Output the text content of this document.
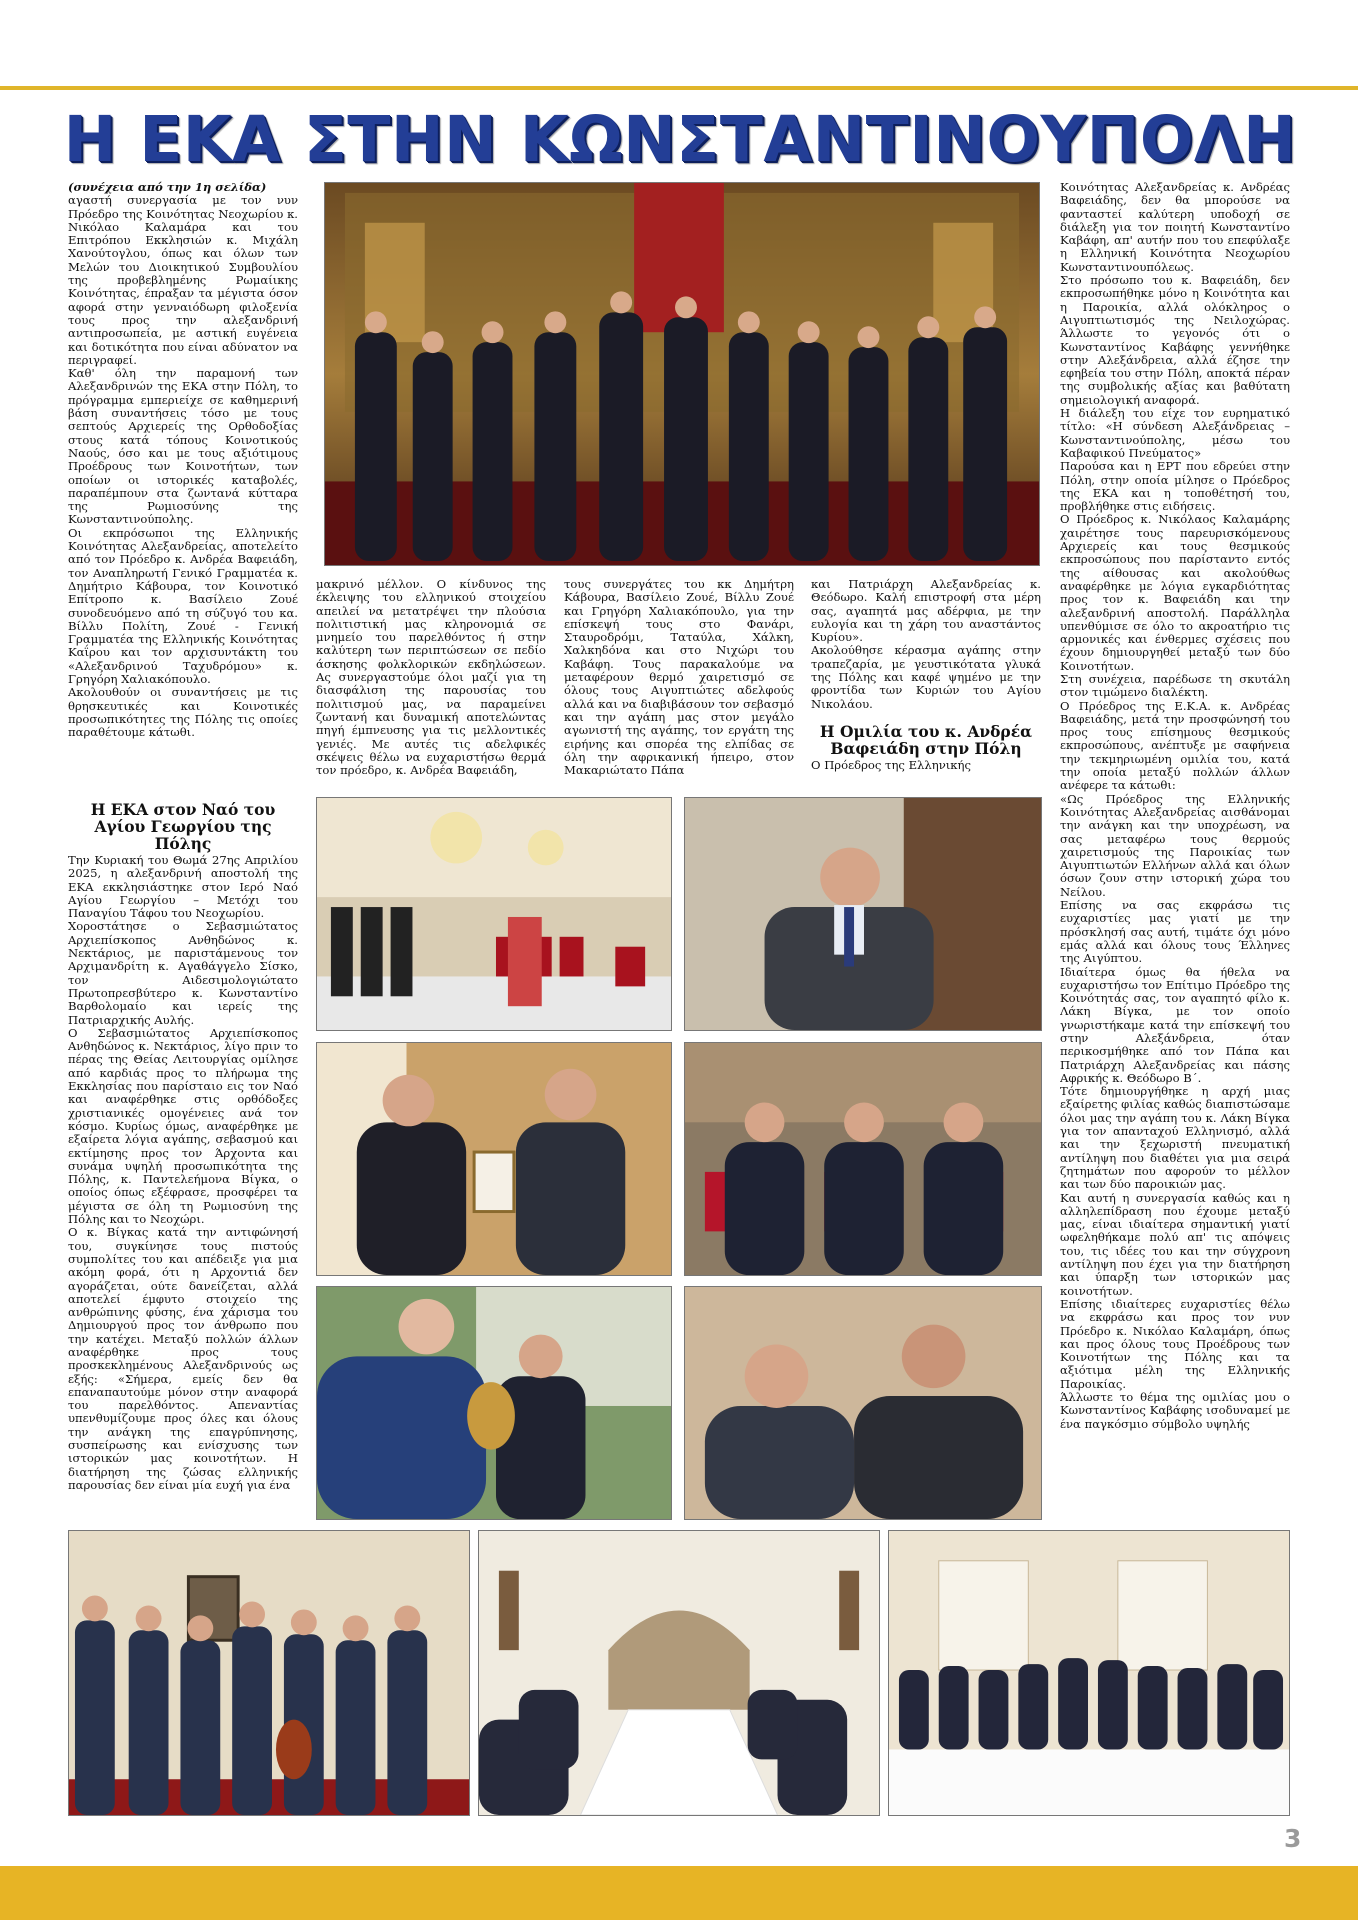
Η ΕΚΑ ΣΤΗΝ ΚΩΝΣΤΑΝΤΙΝΟΥΠΟΛΗ

(συνέχεια από την 1η σελίδα)

αγαστή συνεργασία με τον νυν Πρόεδρο της Κοινότητας Νεοχωρίου κ. Νικόλαο Καλαμάρα και του Επιτρόπου Εκκλησιών κ. Μιχάλη Χανούτογλου, όπως και όλων των Μελών του Διοικητικού Συμβουλίου της προβεβλημένης Ρωμαίικης Κοινότητας, έπραξαν τα μέγιστα όσον αφορά στην γενναιόδωρη φιλοξενία τους προς την αλεξανδρινή αντιπροσωπεία, με αστική ευγένεια και δοτικότητα που είναι αδύνατον να περιγραφεί.

Καθ' όλη την παραμονή των Αλεξανδρινών της ΕΚΑ στην Πόλη, το πρόγραμμα εμπεριείχε σε καθημερινή βάση συναντήσεις τόσο με τους σεπτούς Αρχιερείς της Ορθοδοξίας στους κατά τόπους Κοινοτικούς Ναούς, όσο και με τους αξιότιμους Προέδρους των Κοινοτήτων, των οποίων οι ιστορικές καταβολές, παραπέμπουν στα ζωντανά κύτταρα της Ρωμιοσύνης της Κωνσταντινούπολης.

Οι εκπρόσωποι της Ελληνικής Κοινότητας Αλεξανδρείας, αποτελείτο από τον Πρόεδρο κ. Ανδρέα Βαφειάδη, τον Αναπληρωτή Γενικό Γραμματέα κ. Δημήτριο Κάβουρα, τον Κοινοτικό Επίτροπο κ. Βασίλειο Ζουέ συνοδευόμενο από τη σύζυγό του κα. Βίλλυ Πολίτη, Ζουέ - Γενική Γραμματέα της Ελληνικής Κοινότητας Καΐρου και τον αρχισυντάκτη του «Αλεξανδρινού Ταχυδρόμου» κ. Γρηγόρη Χαλιακόπουλο.

Ακολουθούν οι συναντήσεις με τις θρησκευτικές και Κοινοτικές προσωπικότητες της Πόλης τις οποίες παραθέτουμε κάτωθι.

Η ΕΚΑ στον Ναό του Αγίου Γεωργίου της Πόλης

Την Κυριακή του Θωμά 27ης Απριλίου 2025, η αλεξανδρινή αποστολή της ΕΚΑ εκκλησιάστηκε στον Ιερό Ναό Αγίου Γεωργίου – Μετόχι του Παναγίου Τάφου του Νεοχωρίου.

Χοροστάτησε ο Σεβασμιώτατος Αρχιεπίσκοπος Ανθηδώνος κ. Νεκτάριος, με παριστάμενους τον Αρχιμανδρίτη κ. Αγαθάγγελο Σίσκο, τον Αιδεσιμολογιώτατο Πρωτοπρεσβύτερο κ. Κωνσταντίνο Βαρθολομαίο και ιερείς της Πατριαρχικής Αυλής.

Ο Σεβασμιώτατος Αρχιεπίσκοπος Ανθηδώνος κ. Νεκτάριος, λίγο πριν το πέρας της Θείας Λειτουργίας ομίλησε από καρδιάς προς το πλήρωμα της Εκκλησίας που παρίσταιο εις τον Ναό και αναφέρθηκε στις ορθόδοξες χριστιανικές ομογένειες ανά τον κόσμο. Κυρίως όμως, αναφέρθηκε με εξαίρετα λόγια αγάπης, σεβασμού και εκτίμησης προς τον Άρχοντα και συνάμα υψηλή προσωπικότητα της Πόλης, κ. Παντελεήμονα Βίγκα, ο οποίος όπως εξέφρασε, προσφέρει τα μέγιστα σε όλη τη Ρωμιοσύνη της Πόλης και το Νεοχώρι.

Ο κ. Βίγκας κατά την αντιφώνησή του, συγκίνησε τους πιστούς συμπολίτες του και απέδειξε για μια ακόμη φορά, ότι η Αρχοντιά δεν αγοράζεται, ούτε δανείζεται, αλλά αποτελεί έμφυτο στοιχείο της ανθρώπινης φύσης, ένα χάρισμα του Δημιουργού προς τον άνθρωπο που την κατέχει. Μεταξύ πολλών άλλων αναφέρθηκε προς τους προσκεκλημένους Αλεξανδρινούς ως εξής: «Σήμερα, εμείς δεν θα επαναπαυτούμε μόνον στην αναφορά του παρελθόντος. Απεναντίας υπενθυμίζουμε προς όλες και όλους την ανάγκη της επαγρύπνησης, συσπείρωσης και ενίσχυσης των ιστορικών μας κοινοτήτων. Η διατήρηση της ζώσας ελληνικής παρουσίας δεν είναι μία ευχή για ένα

μακρινό μέλλον. Ο κίνδυνος της έκλειψης του ελληνικού στοιχείου απειλεί να μετατρέψει την πλούσια πολιτιστική μας κληρονομιά σε μνημείο του παρελθόντος ή στην καλύτερη των περιπτώσεων σε πεδίο άσκησης φολκλορικών εκδηλώσεων. Ας συνεργαστούμε όλοι μαζί για τη διασφάλιση της παρουσίας του πολιτισμού μας, να παραμείνει ζωντανή και δυναμική αποτελώντας πηγή έμπνευσης για τις μελλοντικές γενιές. Με αυτές τις αδελφικές σκέψεις θέλω να ευχαριστήσω θερμά τον πρόεδρο, κ. Ανδρέα Βαφειάδη,

τους συνεργάτες του κκ Δημήτρη Κάβουρα, Βασίλειο Ζουέ, Βίλλυ Ζουέ και Γρηγόρη Χαλιακόπουλο, για την επίσκεψή τους στο Φανάρι, Σταυροδρόμι, Ταταύλα, Χάλκη, Χαλκηδόνα και στο Νιχώρι του Καβάφη. Τους παρακαλούμε να μεταφέρουν θερμό χαιρετισμό σε όλους τους Αιγυπτιώτες αδελφούς αλλά και να διαβιβάσουν τον σεβασμό και την αγάπη μας στον μεγάλο αγωνιστή της αγάπης, τον εργάτη της ειρήνης και σπορέα της ελπίδας σε όλη την αφρικανική ήπειρο, στον Μακαριώτατο Πάπα

και Πατριάρχη Αλεξανδρείας κ. Θεόδωρο. Καλή επιστροφή στα μέρη σας, αγαπητά μας αδέρφια, με την ευλογία και τη χάρη του αναστάντος Κυρίου».

Ακολούθησε κέρασμα αγάπης στην τραπεζαρία, με γευστικότατα γλυκά της Πόλης και καφέ ψημένο με την φροντίδα των Κυριών του Αγίου Νικολάου.

Η Ομιλία του κ. Ανδρέα Βαφειάδη στην Πόλη

Ο Πρόεδρος της Ελληνικής

Κοινότητας Αλεξανδρείας κ. Ανδρέας Βαφειάδης, δεν θα μπορούσε να φανταστεί καλύτερη υποδοχή σε διάλεξη για τον ποιητή Κωνσταντίνο Καβάφη, απ' αυτήν που του επεφύλαξε η Ελληνική Κοινότητα Νεοχωρίου Κωνσταντινουπόλεως.

Στο πρόσωπο του κ. Βαφειάδη, δεν εκπροσωπήθηκε μόνο η Κοινότητα και η Παροικία, αλλά ολόκληρος ο Αιγυπτιωτισμός της Νειλοχώρας. Άλλωστε το γεγονός ότι ο Κωνσταντίνος Καβάφης γεννήθηκε στην Αλεξάνδρεια, αλλά έζησε την εφηβεία του στην Πόλη, αποκτά πέραν της συμβολικής αξίας και βαθύτατη σημειολογική αναφορά.

Η διάλεξη του είχε τον ευρηματικό τίτλο: «Η σύνδεση Αλεξάνδρειας – Κωνσταντινούπολης, μέσω του Καβαφικού Πνεύματος»

Παρούσα και η ΕΡΤ που εδρεύει στην Πόλη, στην οποία μίλησε ο Πρόεδρος της ΕΚΑ και η τοποθέτησή του, προβλήθηκε στις ειδήσεις.

Ο Πρόεδρος κ. Νικόλαος Καλαμάρης χαιρέτησε τους παρευρισκόμενους Αρχιερείς και τους θεσμικούς εκπροσώπους που παρίσταντο εντός της αίθουσας και ακολούθως αναφέρθηκε με λόγια εγκαρδιότητας προς τον κ. Βαφειάδη και την αλεξανδρινή αποστολή. Παράλληλα υπενθύμισε σε όλο το ακροατήριο τις αρμονικές και ένθερμες σχέσεις που έχουν δημιουργηθεί μεταξύ των δύο Κοινοτήτων.

Στη συνέχεια, παρέδωσε τη σκυτάλη στον τιμώμενο διαλέκτη.

Ο Πρόεδρος της Ε.Κ.Α. κ. Ανδρέας Βαφειάδης, μετά την προσφώνησή του προς τους επίσημους θεσμικούς εκπροσώπους, ανέπτυξε με σαφήνεια την τεκμηριωμένη ομιλία του, κατά την οποία μεταξύ πολλών άλλων ανέφερε τα κάτωθι:

«Ως Πρόεδρος της Ελληνικής Κοινότητας Αλεξανδρείας αισθάνομαι την ανάγκη και την υποχρέωση, να σας μεταφέρω τους θερμούς χαιρετισμούς της Παροικίας των Αιγυπτιωτών Ελλήνων αλλά και όλων όσων ζουν στην ιστορική χώρα του Νείλου.

Επίσης να σας εκφράσω τις ευχαριστίες μας γιατί με την πρόσκλησή σας αυτή, τιμάτε όχι μόνο εμάς αλλά και όλους τους Έλληνες της Αιγύπτου.

Ιδιαίτερα όμως θα ήθελα να ευχαριστήσω τον Επίτιμο Πρόεδρο της Κοινότητάς σας, τον αγαπητό φίλο κ. Λάκη Βίγκα, με τον οποίο γνωριστήκαμε κατά την επίσκεψή του στην Αλεξάνδρεια, όταν περικοσμήθηκε από τον Πάπα και Πατριάρχη Αλεξανδρείας και πάσης Αφρικής κ. Θεόδωρο Β΄.

Τότε δημιουργήθηκε η αρχή μιας εξαίρετης φιλίας καθώς διαπιστώσαμε όλοι μας την αγάπη του κ. Λάκη Βίγκα για τον απανταχού Ελληνισμό, αλλά και την ξεχωριστή πνευματική αντίληψη που διαθέτει για μια σειρά ζητημάτων που αφορούν το μέλλον και των δύο παροικιών μας.

Και αυτή η συνεργασία καθώς και η αλληλεπίδραση που έχουμε μεταξύ μας, είναι ιδιαίτερα σημαντική γιατί ωφεληθήκαμε πολύ απ' τις απόψεις του, τις ιδέες του και την σύγχρονη αντίληψη που έχει για την διατήρηση και ύπαρξη των ιστορικών μας κοινοτήτων.

Επίσης ιδιαίτερες ευχαριστίες θέλω να εκφράσω και προς τον νυν Πρόεδρο κ. Νικόλαο Καλαμάρη, όπως και προς όλους τους Προέδρους των Κοινοτήτων της Πόλης και τα αξιότιμα μέλη της Ελληνικής Παροικίας.

Άλλωστε το θέμα της ομιλίας μου ο Κωνσταντίνος Καβάφης ισοδυναμεί με ένα παγκόσμιο σύμβολο υψηλής

3
